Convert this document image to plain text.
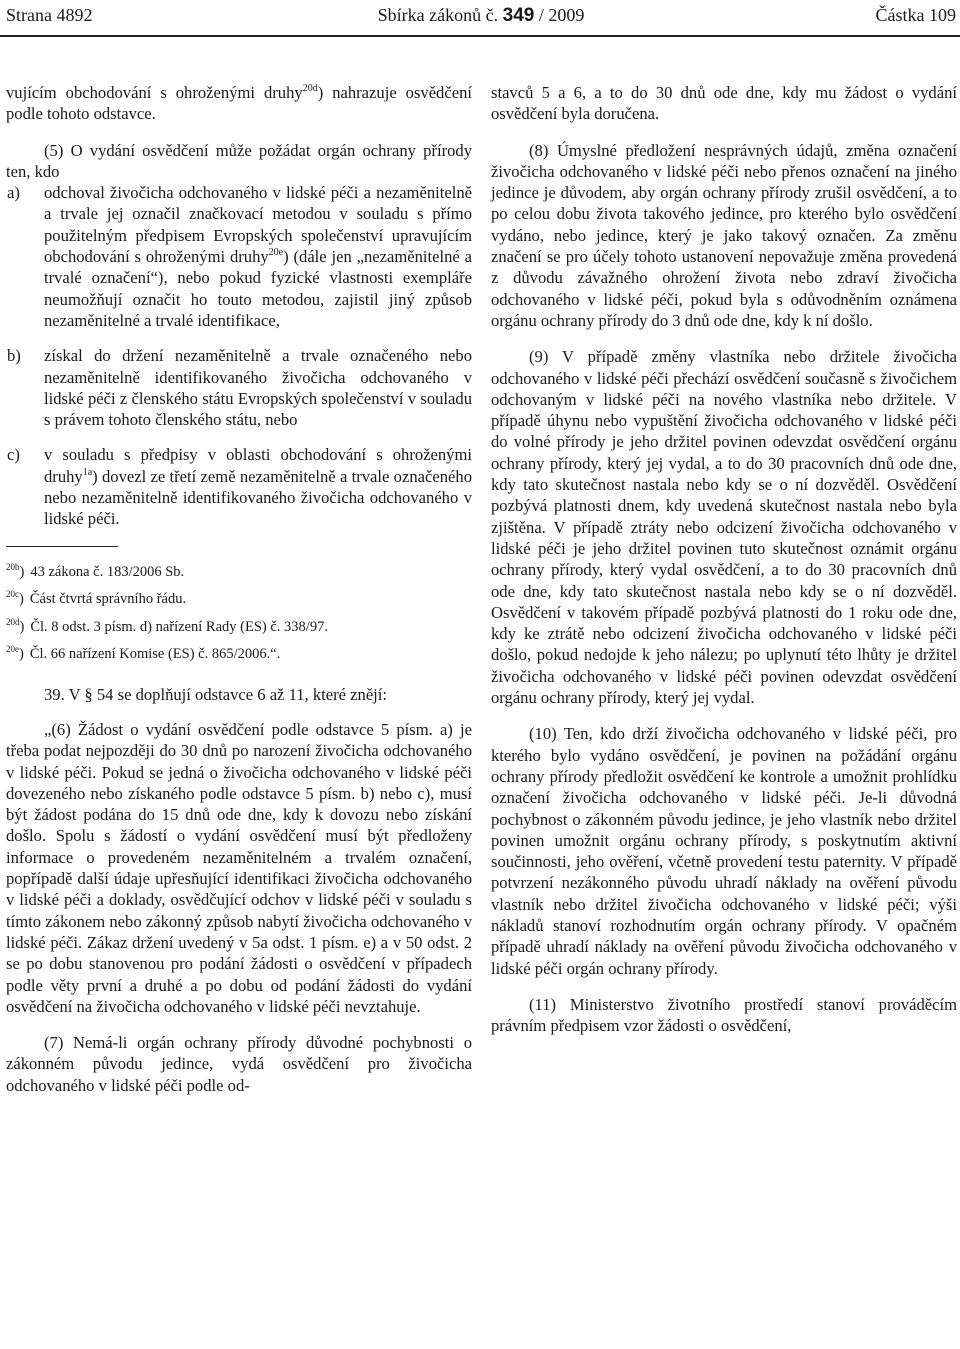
Strana 4892	Sbírka zákonů č. 349 / 2009	Částka 109

vujícím obchodování s ohroženými druhy$^{20d}$) nahrazuje osvědčení podle tohoto odstavce.

(5) O vydání osvědčení může požádat orgán ochrany přírody ten, kdo

a)	odchoval živočicha odchovaného v lidské péči a nezaměnitelně a trvale jej označil značkovací metodou v souladu s přímo použitelným předpisem Evropských společenství upravujícím obchodování s ohroženými druhy$^{20e}$) (dále jen „nezaměnitelné a trvalé označení“), nebo pokud fyzické vlastnosti exempláře neumožňují označit ho touto metodou, zajistil jiný způsob nezaměnitelné a trvalé identifikace,
b)	získal do držení nezaměnitelně a trvale označeného nebo nezaměnitelně identifikovaného živočicha odchovaného v lidské péči z členského státu Evropských společenství v souladu s právem tohoto členského státu, nebo
c)	v souladu s předpisy v oblasti obchodování s ohroženými druhy$^{1a}$) dovezl ze třetí země nezaměnitelně a trvale označeného nebo nezaměnitelně identifikovaného živočicha odchovaného v lidské péči.

$^{20b}$) 43 zákona č. 183/2006 Sb.

$^{20c}$) Část čtvrtá správního řádu.

$^{20d}$) Čl. 8 odst. 3 písm. d) nařízení Rady (ES) č. 338/97.

$^{20e}$) Čl. 66 nařízení Komise (ES) č. 865/2006.“.

39. V § 54 se doplňují odstavce 6 až 11, které znějí:

„(6) Žádost o vydání osvědčení podle odstavce 5 písm. a) je třeba podat nejpozději do 30 dnů po narození živočicha odchovaného v lidské péči. Pokud se jedná o živočicha odchovaného v lidské péči dovezeného nebo získaného podle odstavce 5 písm. b) nebo c), musí být žádost podána do 15 dnů ode dne, kdy k dovozu nebo získání došlo. Spolu s žádostí o vydání osvědčení musí být předloženy informace o provedeném nezaměnitelném a trvalém označení, popřípadě další údaje upřesňující identifikaci živočicha odchovaného v lidské péči a doklady, osvědčující odchov v lidské péči v souladu s tímto zákonem nebo zákonný způsob nabytí živočicha odchovaného v lidské péči. Zákaz držení uvedený v 5a odst. 1 písm. e) a v 50 odst. 2 se po dobu stanovenou pro podání žádosti o osvědčení v případech podle věty první a druhé a po dobu od podání žádosti do vydání osvědčení na živočicha odchovaného v lidské péči nevztahuje.

(7) Nemá-li orgán ochrany přírody důvodné pochybnosti o zákonném původu jedince, vydá osvědčení pro živočicha odchovaného v lidské péči podle od-

stavců 5 a 6, a to do 30 dnů ode dne, kdy mu žádost o vydání osvědčení byla doručena.

(8) Úmyslné předložení nesprávných údajů, změna označení živočicha odchovaného v lidské péči nebo přenos označení na jiného jedince je důvodem, aby orgán ochrany přírody zrušil osvědčení, a to po celou dobu života takového jedince, pro kterého bylo osvědčení vydáno, nebo jedince, který je jako takový označen. Za změnu značení se pro účely tohoto ustanovení nepovažuje změna provedená z důvodu závažného ohrožení života nebo zdraví živočicha odchovaného v lidské péči, pokud byla s odůvodněním oznámena orgánu ochrany přírody do 3 dnů ode dne, kdy k ní došlo.

(9) V případě změny vlastníka nebo držitele živočicha odchovaného v lidské péči přechází osvědčení současně s živočichem odchovaným v lidské péči na nového vlastníka nebo držitele. V případě úhynu nebo vypuštění živočicha odchovaného v lidské péči do volné přírody je jeho držitel povinen odevzdat osvědčení orgánu ochrany přírody, který jej vydal, a to do 30 pracovních dnů ode dne, kdy tato skutečnost nastala nebo kdy se o ní dozvěděl. Osvědčení pozbývá platnosti dnem, kdy uvedená skutečnost nastala nebo byla zjištěna. V případě ztráty nebo odcizení živočicha odchovaného v lidské péči je jeho držitel povinen tuto skutečnost oznámit orgánu ochrany přírody, který vydal osvědčení, a to do 30 pracovních dnů ode dne, kdy tato skutečnost nastala nebo kdy se o ní dozvěděl. Osvědčení v takovém případě pozbývá platnosti do 1 roku ode dne, kdy ke ztrátě nebo odcizení živočicha odchovaného v lidské péči došlo, pokud nedojde k jeho nálezu; po uplynutí této lhůty je držitel živočicha odchovaného v lidské péči povinen odevzdat osvědčení orgánu ochrany přírody, který jej vydal.

(10) Ten, kdo drží živočicha odchovaného v lidské péči, pro kterého bylo vydáno osvědčení, je povinen na požádání orgánu ochrany přírody předložit osvědčení ke kontrole a umožnit prohlídku označení živočicha odchovaného v lidské péči. Je-li důvodná pochybnost o zákonném původu jedince, je jeho vlastník nebo držitel povinen umožnit orgánu ochrany přírody, s poskytnutím aktivní součinnosti, jeho ověření, včetně provedení testu paternity. V případě potvrzení nezákonného původu uhradí náklady na ověření původu vlastník nebo držitel živočicha odchovaného v lidské péči; výši nákladů stanoví rozhodnutím orgán ochrany přírody. V opačném případě uhradí náklady na ověření původu živočicha odchovaného v lidské péči orgán ochrany přírody.

(11) Ministerstvo životního prostředí stanoví prováděcím právním předpisem vzor žádosti o osvědčení,
